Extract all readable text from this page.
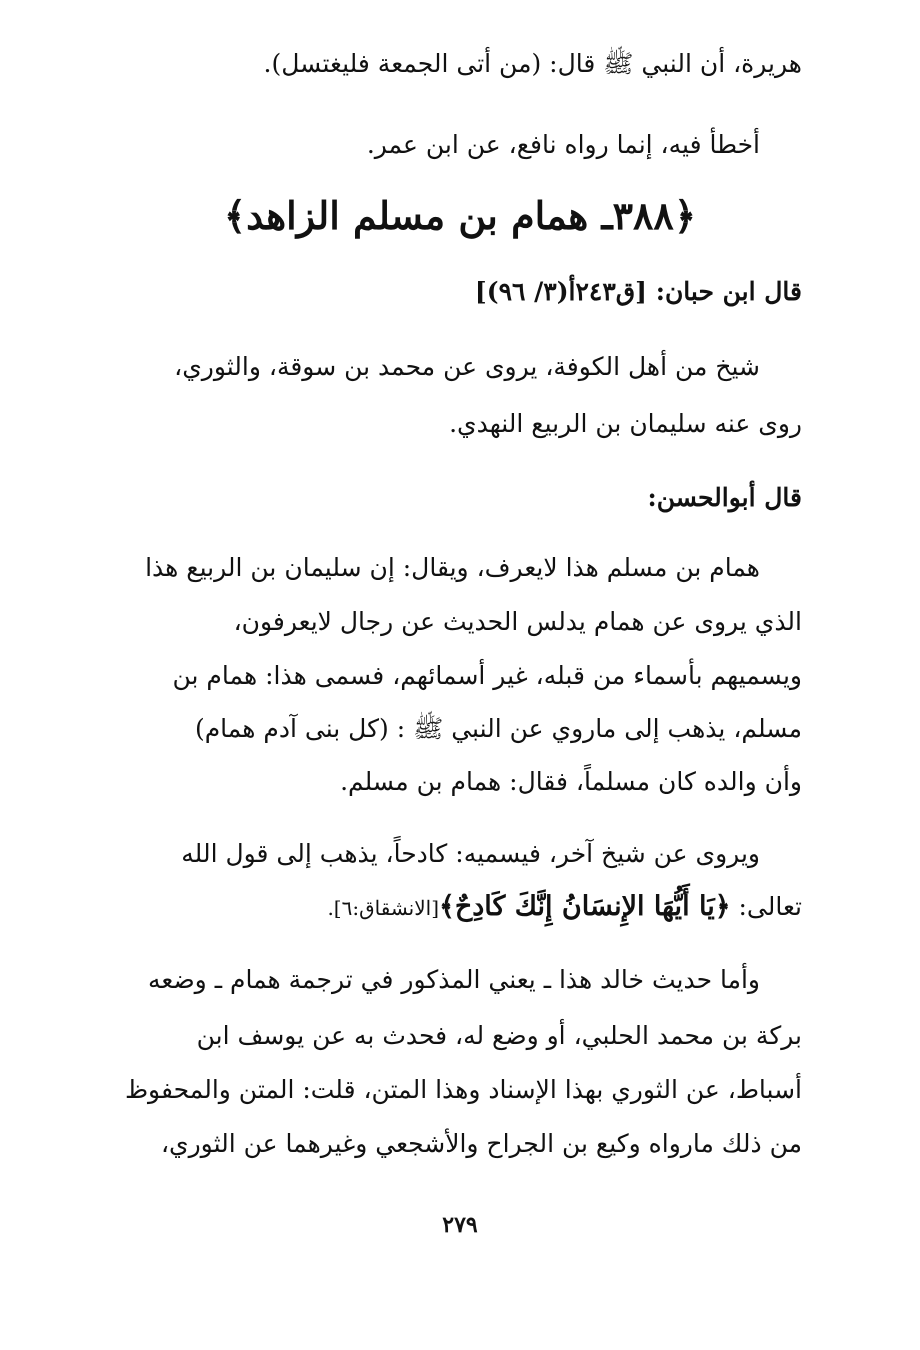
هريرة، أن النبي ﷺ قال: (من أتى الجمعة فليغتسل).
أخطأ فيه، إنما رواه نافع، عن ابن عمر.
﴿٣٨٨ـ همام بن مسلم الزاهد﴾
قال ابن حبان: [ق٢٤٣أ(٣/ ٩٦)]
شيخ من أهل الكوفة، يروى عن محمد بن سوقة، والثوري،
روى عنه سليمان بن الربيع النهدي.
قال أبوالحسن:
همام بن مسلم هذا لايعرف، ويقال: إن سليمان بن الربيع هذا
الذي يروى عن همام يدلس الحديث عن رجال لايعرفون،
ويسميهم بأسماء من قبله، غير أسمائهم، فسمى هذا: همام بن
مسلم، يذهب إلى ماروي عن النبي ﷺ : (كل بنى آدم همام)
وأن والده كان مسلماً، فقال: همام بن مسلم.
ويروى عن شيخ آخر، فيسميه: كادحاً، يذهب إلى قول الله
تعالى: ﴿يَا أَيُّهَا الإِنسَانُ إِنَّكَ كَادِحٌ﴾[الانشقاق:٦].
وأما حديث خالد هذا ـ يعني المذكور في ترجمة همام ـ وضعه
بركة بن محمد الحلبي، أو وضع له، فحدث به عن يوسف ابن
أسباط، عن الثوري بهذا الإسناد وهذا المتن، قلت: المتن والمحفوظ
من ذلك مارواه وكيع بن الجراح والأشجعي وغيرهما عن الثوري،
٢٧٩
